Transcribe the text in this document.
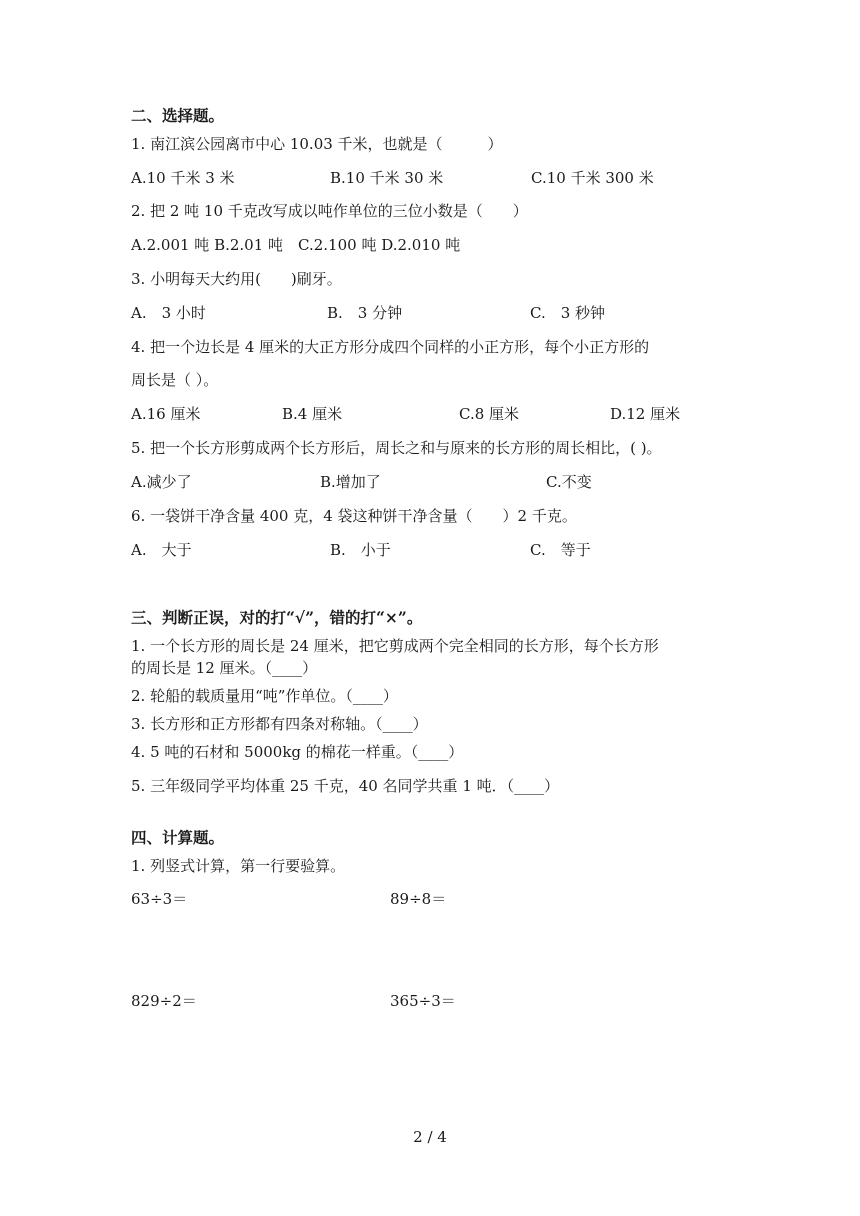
二、选择题。
1. 南江滨公园离市中心 10.03 千米，也就是（　　　）
A.10 千米 3 米	B.10 千米 30 米	C.10 千米 300 米
2. 把 2 吨 10 千克改写成以吨作单位的三位小数是（　　）
A.2.001 吨 B.2.01 吨　C.2.100 吨 D.2.010 吨
3. 小明每天大约用(　　)刷牙。
A.　3 小时	B.　3 分钟	C.　3 秒钟
4. 把一个边长是 4 厘米的大正方形分成四个同样的小正方形，每个小正方形的
周长是（ ）。
A.16 厘米	B.4 厘米	C.8 厘米	D.12 厘米
5. 把一个长方形剪成两个长方形后，周长之和与原来的长方形的周长相比，( )。
A.减少了	B.增加了	C.不变
6. 一袋饼干净含量 400 克，4 袋这种饼干净含量（　　）2 千克。
A.　大于	B.　小于	C.　等于
三、判断正误，对的打“√”，错的打“×”。
1. 一个长方形的周长是 24 厘米，把它剪成两个完全相同的长方形，每个长方形
的周长是 12 厘米。（____）
2. 轮船的载质量用“吨”作单位。（____）
3. 长方形和正方形都有四条对称轴。（____）
4. 5 吨的石材和 5000kg 的棉花一样重。（____）
5. 三年级同学平均体重 25 千克，40 名同学共重 1 吨．（____）
四、计算题。
1. 列竖式计算，第一行要验算。
63÷3＝	89÷8＝
829÷2＝	365÷3＝
2 / 4
